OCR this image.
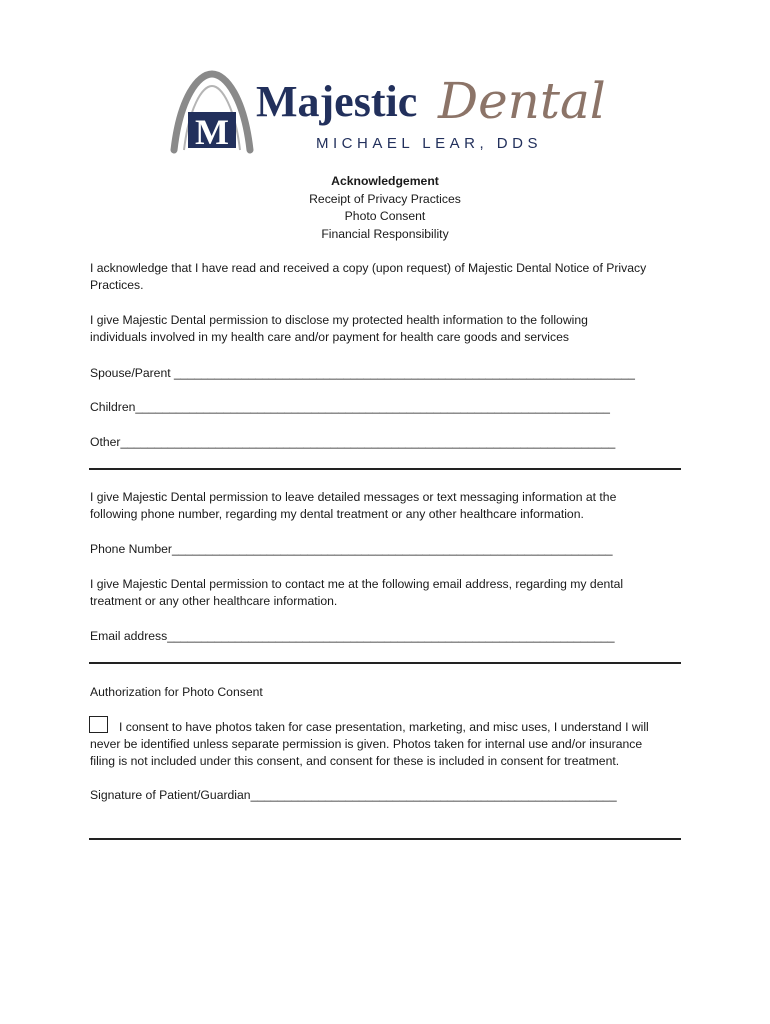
M
Majestic Dental
MICHAEL LEAR, DDS
Acknowledgement
Receipt of Privacy Practices
Photo Consent
Financial Responsibility
I acknowledge that I have read and received a copy (upon request) of Majestic Dental Notice of Privacy
Practices.
I give Majestic Dental permission to disclose my protected health information to the following
individuals involved in my health care and/or payment for health care goods and services
Spouse/Parent ____________________________________________________________________
Children______________________________________________________________________
Other_________________________________________________________________________
I give Majestic Dental permission to leave detailed messages or text messaging information at the
following phone number, regarding my dental treatment or any other healthcare information.
Phone Number_________________________________________________________________
I give Majestic Dental permission to contact me at the following email address, regarding my dental
treatment or any other healthcare information.
Email address__________________________________________________________________
Authorization for Photo Consent
I consent to have photos taken for case presentation, marketing, and misc uses, I understand I will
never be identified unless separate permission is given. Photos taken for internal use and/or insurance
filing is not included under this consent, and consent for these is included in consent for treatment.
Signature of Patient/Guardian______________________________________________________
